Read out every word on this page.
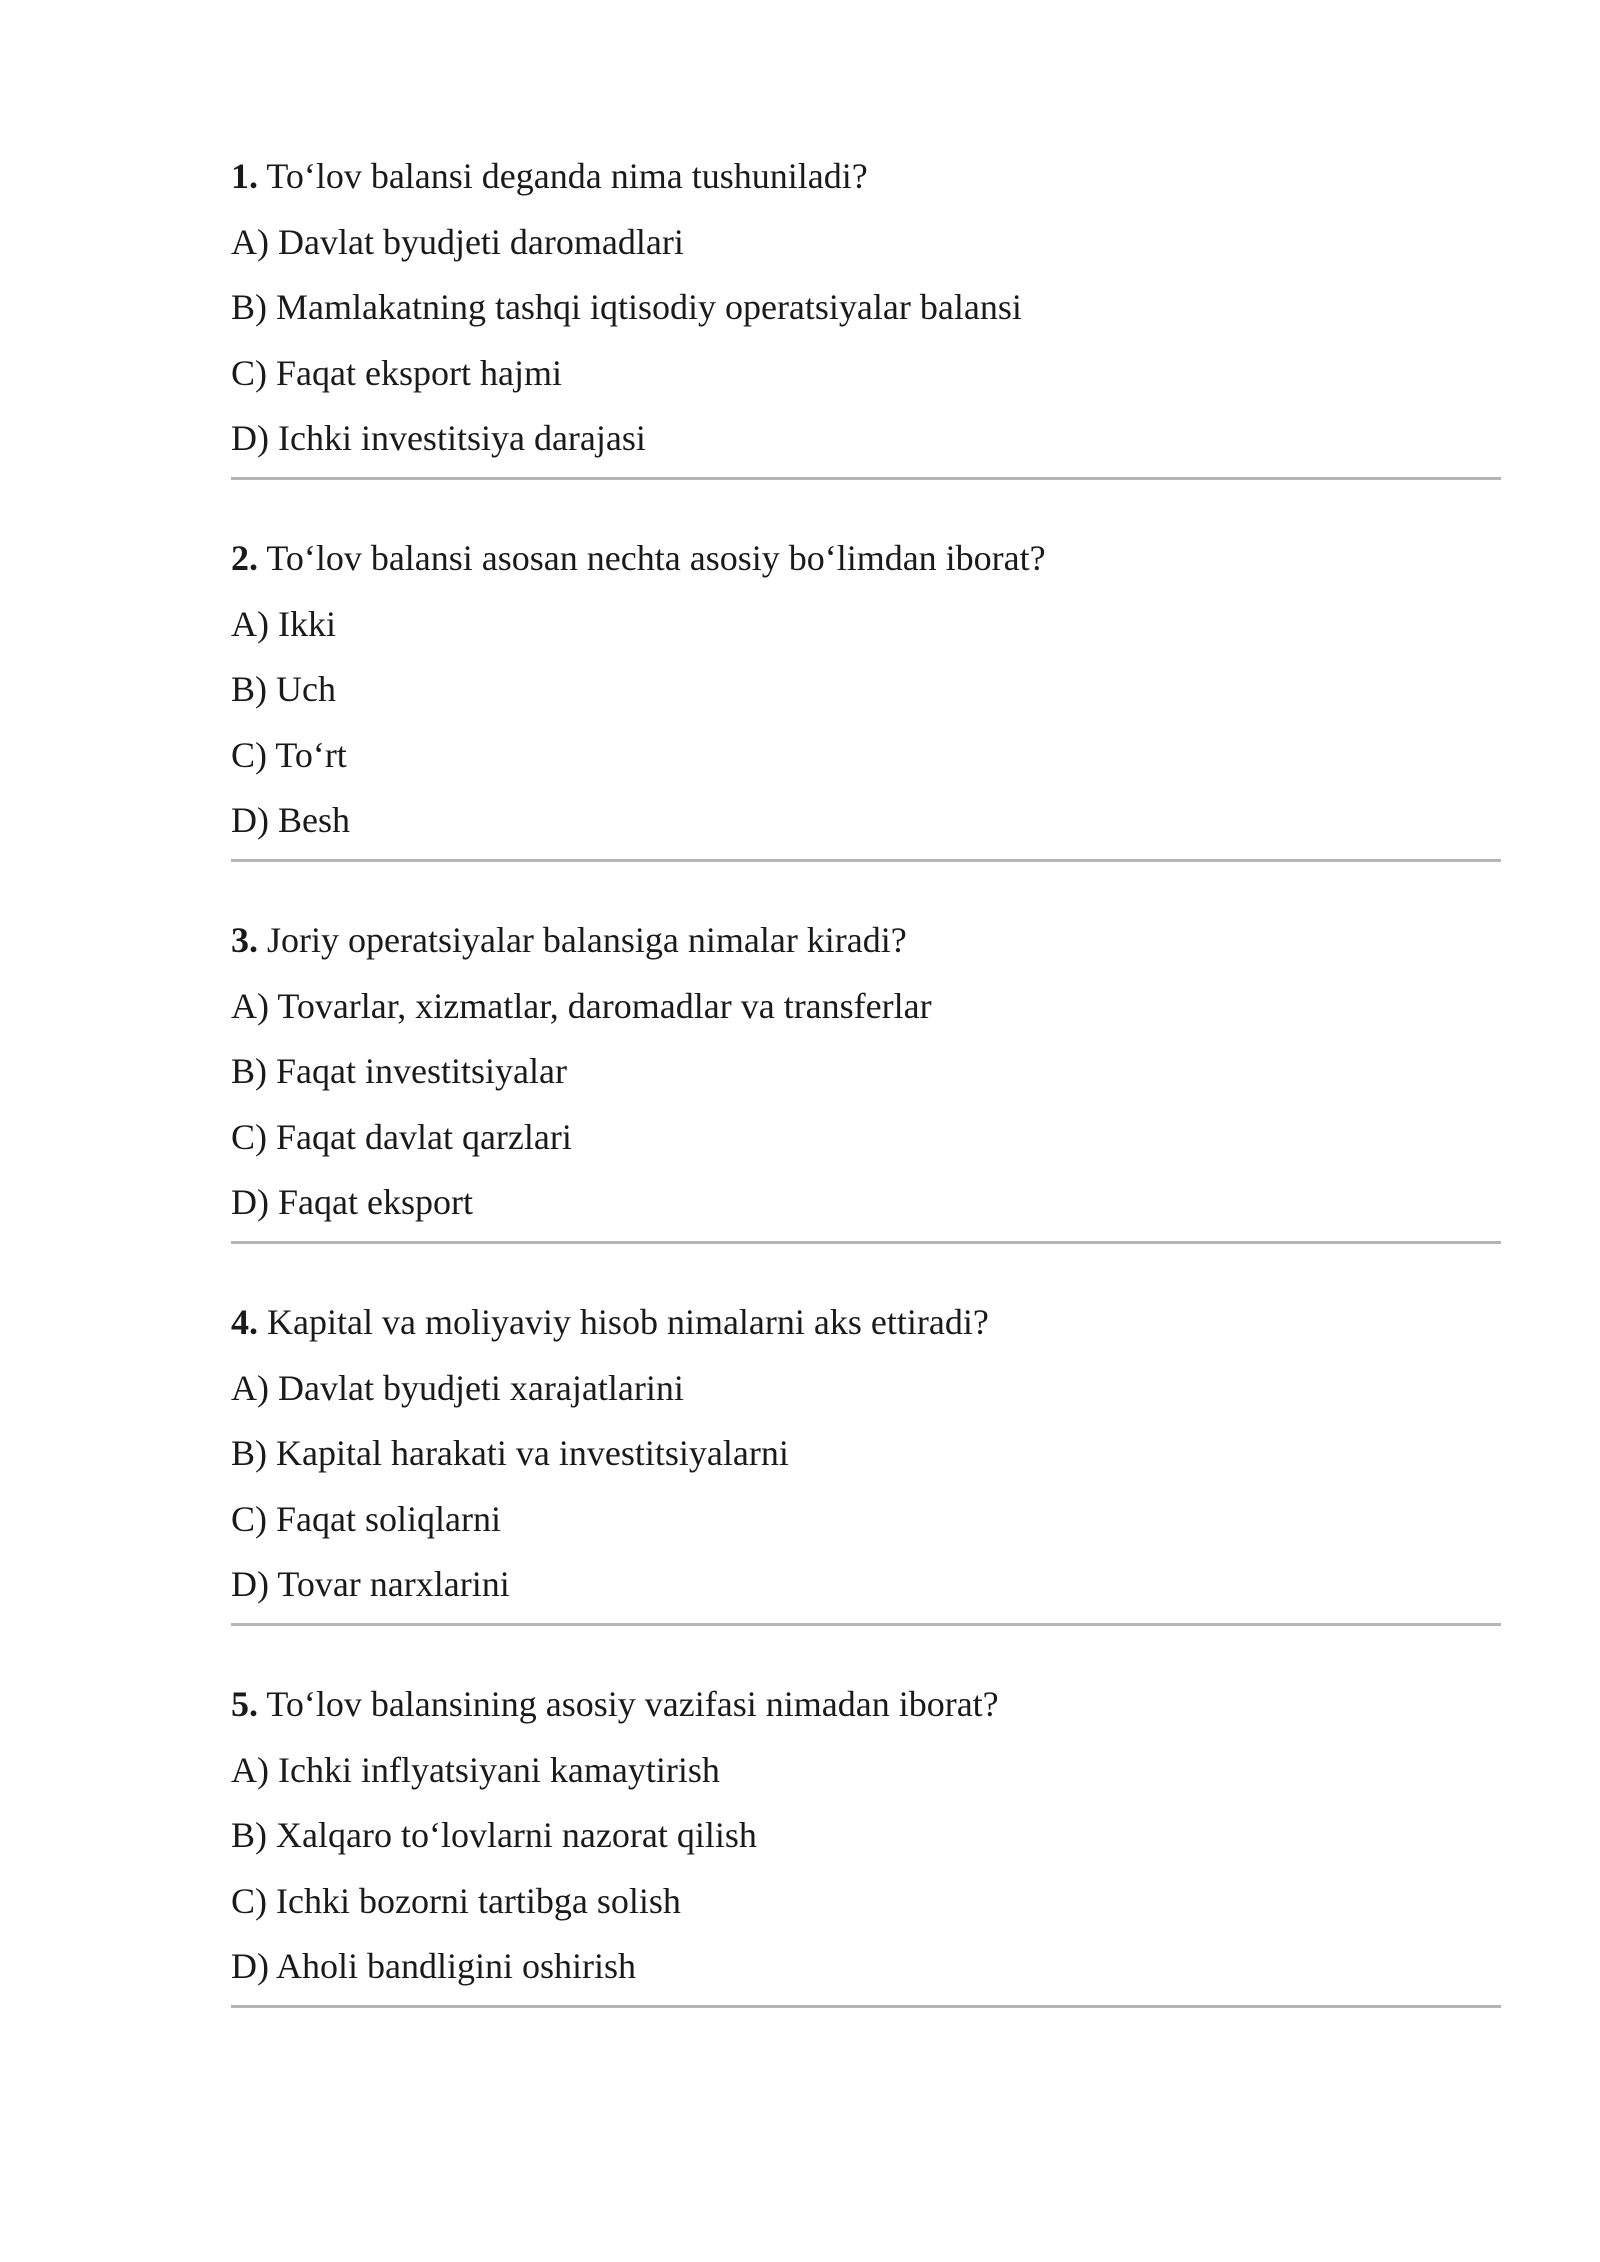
1. To‘lov balansi deganda nima tushuniladi?
A) Davlat byudjeti daromadlari
B) Mamlakatning tashqi iqtisodiy operatsiyalar balansi
C) Faqat eksport hajmi
D) Ichki investitsiya darajasi
2. To‘lov balansi asosan nechta asosiy bo‘limdan iborat?
A) Ikki
B) Uch
C) To‘rt
D) Besh
3. Joriy operatsiyalar balansiga nimalar kiradi?
A) Tovarlar, xizmatlar, daromadlar va transferlar
B) Faqat investitsiyalar
C) Faqat davlat qarzlari
D) Faqat eksport
4. Kapital va moliyaviy hisob nimalarni aks ettiradi?
A) Davlat byudjeti xarajatlarini
B) Kapital harakati va investitsiyalarni
C) Faqat soliqlarni
D) Tovar narxlarini
5. To‘lov balansining asosiy vazifasi nimadan iborat?
A) Ichki inflyatsiyani kamaytirish
B) Xalqaro to‘lovlarni nazorat qilish
C) Ichki bozorni tartibga solish
D) Aholi bandligini oshirish
